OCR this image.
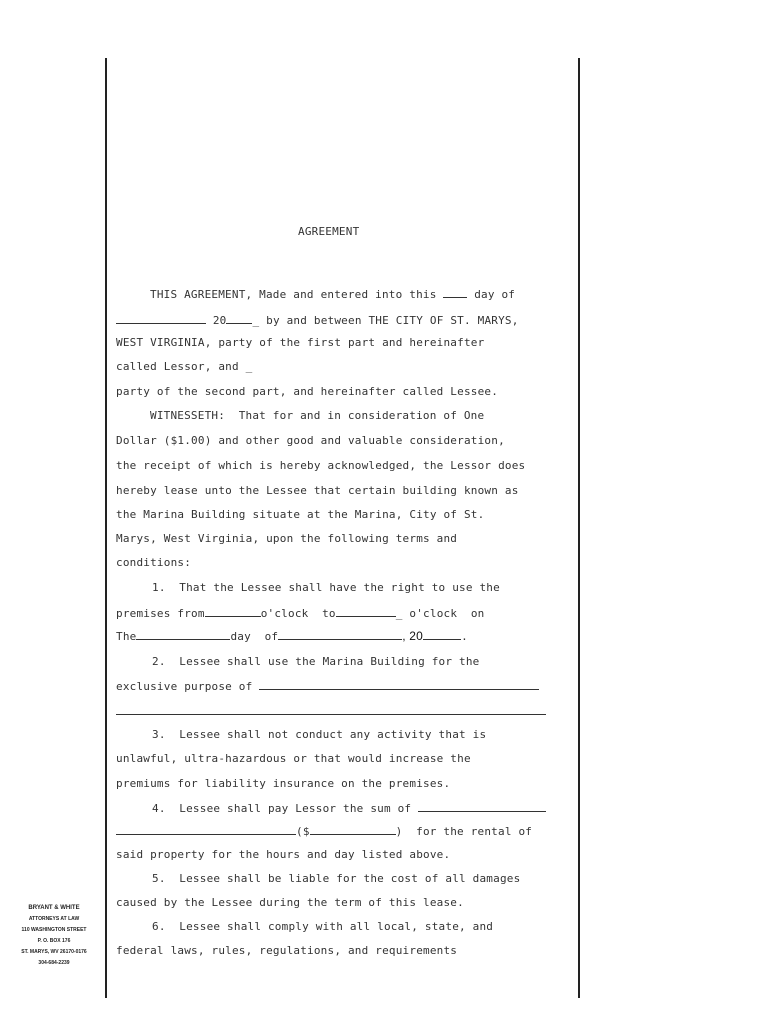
AGREEMENT
THIS AGREEMENT, Made and entered into this  day of
20 _ by and between THE CITY OF ST. MARYS,
WEST VIRGINIA, party of the first part and hereinafter
called Lessor, and _
party of the second part, and hereinafter called Lessee.
WITNESSETH:  That for and in consideration of One
Dollar ($1.00) and other good and valuable consideration,
the receipt of which is hereby acknowledged, the Lessor does
hereby lease unto the Lessee that certain building known as
the Marina Building situate at the Marina, City of St.
Marys, West Virginia, upon the following terms and
conditions:
1.  That the Lessee shall have the right to use the
premises from	o'clock  to	_ o'clock  on
The	day  of	, 20	.
2.  Lessee shall use the Marina Building for the
exclusive purpose of
3.  Lessee shall not conduct any activity that is
unlawful, ultra-hazardous or that would increase the
premiums for liability insurance on the premises.
4.  Lessee shall pay Lessor the sum of
($	)  for the rental of
said property for the hours and day listed above.
5.  Lessee shall be liable for the cost of all damages
caused by the Lessee during the term of this lease.
6.  Lessee shall comply with all local, state, and
federal laws, rules, regulations, and requirements
BRYANT & WHITE
ATTORNEYS AT LAW
110 WASHINGTON STREET
P. O. BOX 176
ST. MARYS, WV 26170-0176
304-684-2239
